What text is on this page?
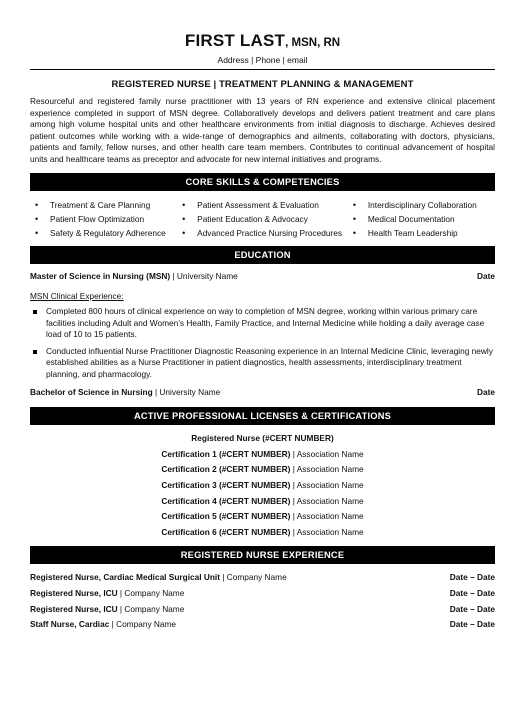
FIRST LAST, MSN, RN
Address | Phone | email
REGISTERED NURSE | TREATMENT PLANNING & MANAGEMENT
Resourceful and registered family nurse practitioner with 13 years of RN experience and extensive clinical placement experience completed in support of MSN degree. Collaboratively develops and delivers patient treatment and care plans among high volume hospital units and other healthcare environments from initial diagnosis to discharge. Achieves desired patient outcomes while working with a wide-range of demographics and ailments, collaborating with doctors, physicians, patients and family, fellow nurses, and other health care team members. Contributes to continual advancement of hospital units and healthcare teams as preceptor and advocate for new internal initiatives and programs.
CORE SKILLS & COMPETENCIES
• Treatment & Care Planning
• Patient Flow Optimization
• Safety & Regulatory Adherence
• Patient Assessment & Evaluation
• Patient Education & Advocacy
• Advanced Practice Nursing Procedures
• Interdisciplinary Collaboration
• Medical Documentation
• Health Team Leadership
EDUCATION
Master of Science in Nursing (MSN) | University Name	Date
MSN Clinical Experience:
Completed 800 hours of clinical experience on way to completion of MSN degree, working within various primary care facilities including Adult and Women’s Health, Family Practice, and Internal Medicine while holding a daily average case load of 10 to 15 patients.
Conducted influential Nurse Practitioner Diagnostic Reasoning experience in an Internal Medicine Clinic, leveraging newly established abilities as a Nurse Practitioner in patient diagnostics, health assessments, interdisciplinary treatment planning, and pharmacology.
Bachelor of Science in Nursing | University Name	Date
ACTIVE PROFESSIONAL LICENSES & CERTIFICATIONS
Registered Nurse (#CERT NUMBER)
Certification 1 (#CERT NUMBER) | Association Name
Certification 2 (#CERT NUMBER) | Association Name
Certification 3 (#CERT NUMBER) | Association Name
Certification 4 (#CERT NUMBER) | Association Name
Certification 5 (#CERT NUMBER) | Association Name
Certification 6 (#CERT NUMBER) | Association Name
REGISTERED NURSE EXPERIENCE
Registered Nurse, Cardiac Medical Surgical Unit | Company Name	Date – Date
Registered Nurse, ICU | Company Name	Date – Date
Registered Nurse, ICU | Company Name	Date – Date
Staff Nurse, Cardiac | Company Name	Date – Date
